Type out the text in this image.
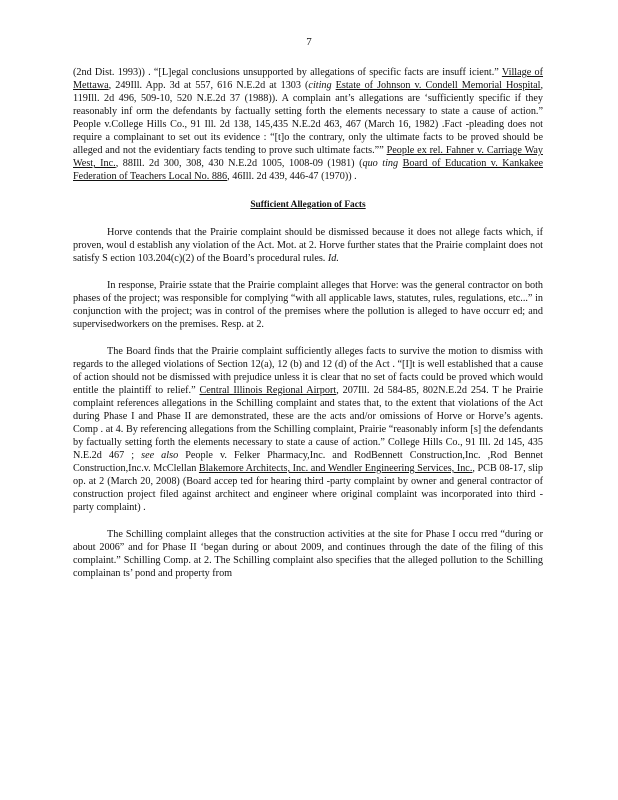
7

(2nd Dist. 1993)) . “[L]egal conclusions unsupported by allegations of specific facts are insuff icient.” Village of Mettawa, 249Ill. App. 3d at 557, 616 N.E.2d at 1303 (citing Estate of Johnson v. Condell Memorial Hospital, 119Ill. 2d 496, 509-10, 520 N.E.2d 37 (1988)). A complain ant’s allegations are ‘sufficiently specific if they reasonably inf orm the defendants by factually setting forth the elements necessary to state a cause of action.” People v.College Hills Co., 91 Ill. 2d 138, 145,435 N.E.2d 463, 467 (March 16, 1982) .Fact -pleading does not require a complainant to set out its evidence : “[t]o the contrary, only the ultimate facts to be proved should be alleged and not the evidentiary facts tending to prove such ultimate facts.”” People ex rel. Fahner v. Carriage Way West, Inc., 88Ill. 2d 300, 308, 430 N.E.2d 1005, 1008-09 (1981) (quo ting Board of Education v. Kankakee Federation of Teachers Local No. 886, 46Ill. 2d 439, 446-47 (1970)) .

Sufficient Allegation of Facts

Horve contends that the Prairie complaint should be dismissed because it does not allege facts which, if proven, woul d establish any violation of the Act. Mot. at 2. Horve further states that the Prairie complaint does not satisfy S ection 103.204(c)(2) of the Board’s procedural rules. Id.

In response, Prairie sstate that the Prairie complaint alleges that Horve: was the general contractor on both phases of the project; was responsible for complying “with all applicable laws, statutes, rules, regulations, etc...” in conjunction with the project; was in control of the premises where the pollution is alleged to have occurr ed; and supervisedworkers on the premises. Resp. at 2.

The Board finds that the Prairie complaint sufficiently alleges facts to survive the motion to dismiss with regards to the alleged violations of Section 12(a), 12 (b) and 12 (d) of the Act . “[I]t is well established that a cause of action should not be dismissed with prejudice unless it is clear that no set of facts could be proved which would entitle the plaintiff to relief.” Central Illinois Regional Airport, 207Ill. 2d 584-85, 802N.E.2d 254. T he Prairie complaint references allegations in the Schilling complaint and states that, to the extent that violations of the Act during Phase I and Phase II are demonstrated, these are the acts and/or omissions of Horve or Horve’s agents. Comp . at 4. By referencing allegations from the Schilling complaint, Prairie “reasonably inform [s] the defendants by factually setting forth the elements necessary to state a cause of action.” College Hills Co., 91 Ill. 2d 145, 435 N.E.2d 467 ; see also People v. Felker Pharmacy,Inc. and RodBennett Construction,Inc. ,Rod Bennet Construction,Inc.v. McClellan Blakemore Architects, Inc. and Wendler Engineering Services, Inc., PCB 08-17, slip op. at 2 (March 20, 2008) (Board accep ted for hearing third -party complaint by owner and general contractor of construction project filed against architect and engineer where original complaint was incorporated into third -party complaint) .

The Schilling complaint alleges that the construction activities at the site for Phase I occu rred “during or about 2006” and for Phase II ‘began during or about 2009, and continues through the date of the filing of this complaint.” Schilling Comp. at 2. The Schilling complaint also specifies that the alleged pollution to the Schilling complainan ts’ pond and property from
